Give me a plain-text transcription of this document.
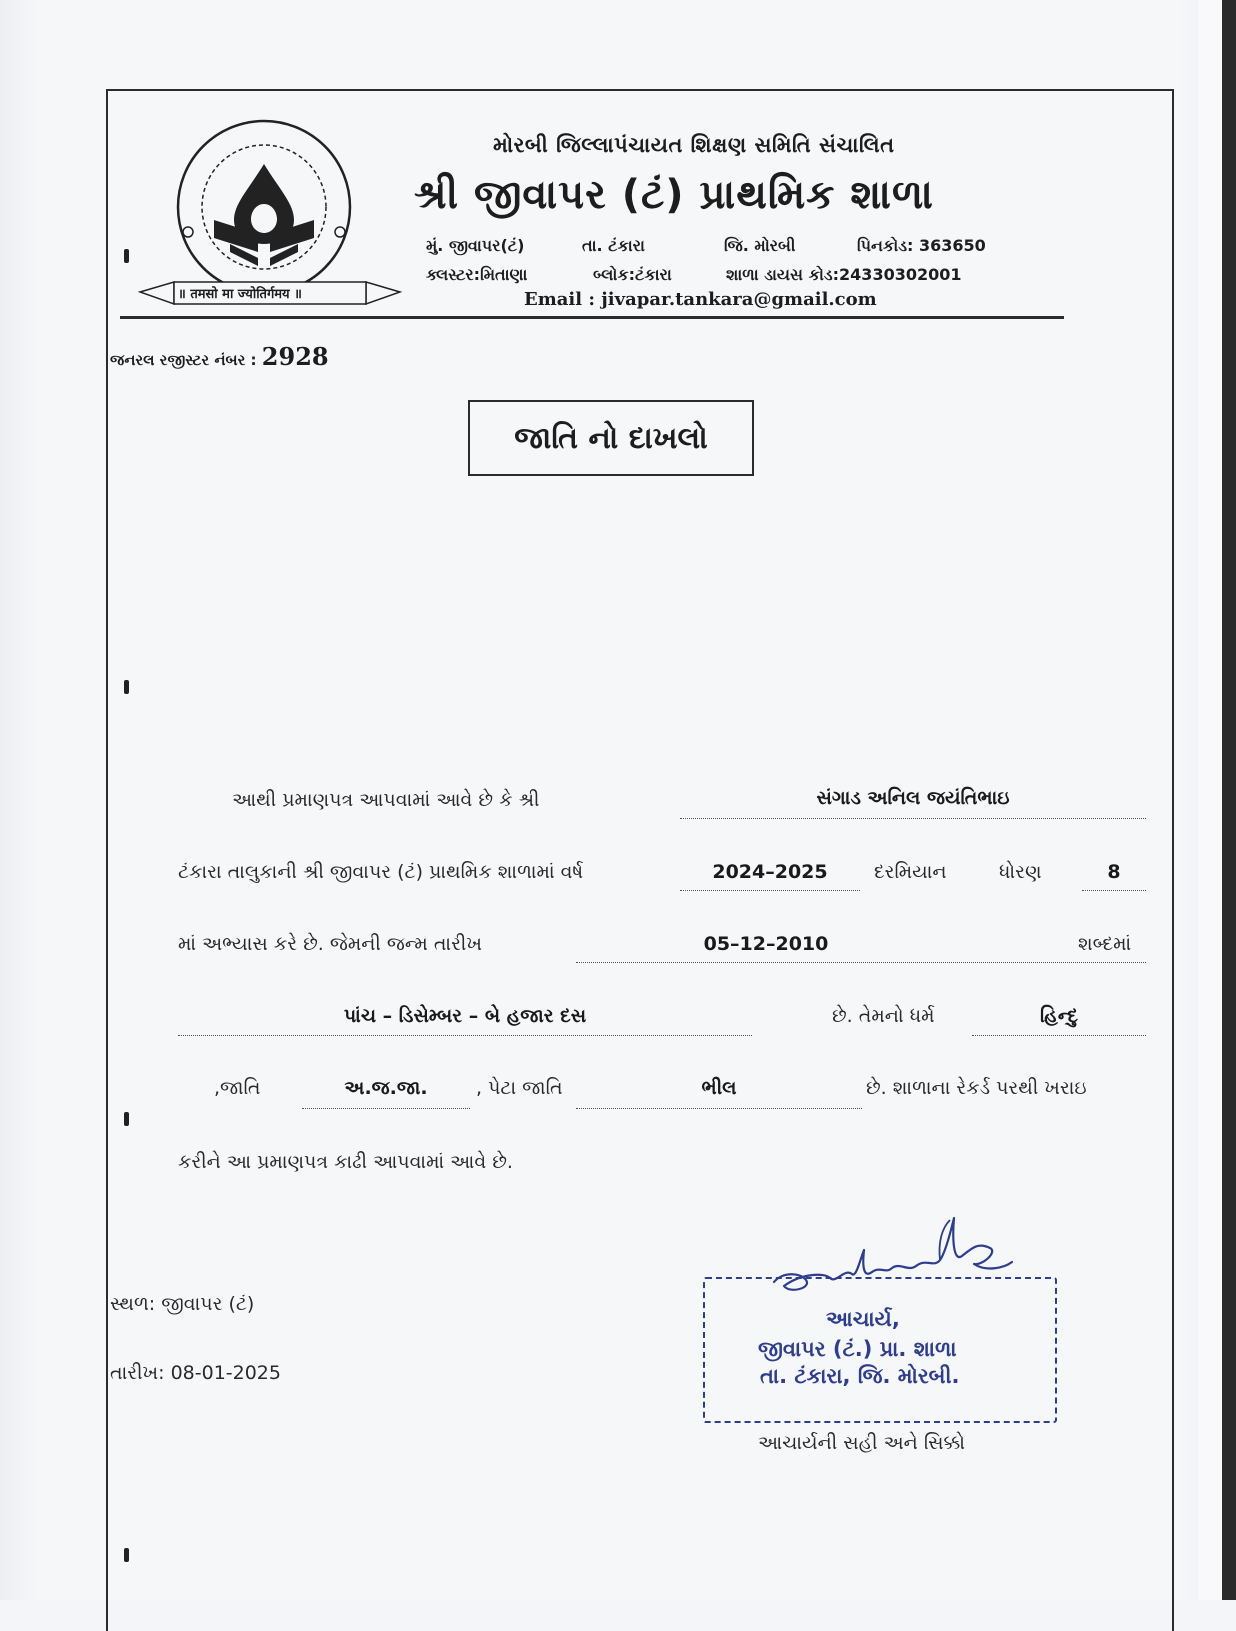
॥ तमसो मा ज्योतिर्गमय ॥
મોરબી જિલ્લાપંચાયત શિક્ષણ સમિતિ સંચાલિત
શ્રી જીવાપર (ટં) પ્રાથમિક શાળા
મું. જીવાપર(ટં)	તા. ટંકારા	જિ. મોરબી	પિનકોડ: 363650
ક્લસ્ટર:મિતાણા	બ્લોક:ટંકારા	શાળા ડાયસ કોડ:24330302001
Email : jivapar.tankara@gmail.com
જનરલ રજીસ્ટર નંબર : 2928
જાતિ નો દાખલો
આથી પ્રમાણપત્ર આપવામાં આવે છે કે શ્રી	સંગાડ અનિલ જયંતિભાઇ
ટંકારા તાલુકાની શ્રી જીવાપર (ટં) પ્રાથમિક શાળામાં વર્ષ	2024–2025	દરમિયાન	ધોરણ	8
માં અભ્યાસ કરે છે. જેમની જન્મ તારીખ	05–12–2010	શબ્દમાં
પાંચ – ડિસેમ્બર – બે હજાર દસ	છે. તેમનો ધર્મ	હિન્દુ
,જાતિ	અ.જ.જા.	, પેટા જાતિ	ભીલ	છે. શાળાના રેકર્ડ પરથી ખરાઇ
કરીને આ પ્રમાણપત્ર કાઢી આપવામાં આવે છે.
સ્થળ: જીવાપર (ટં)
તારીખ: 08-01-2025
આચાર્ય,
જીવાપર (ટં.) પ્રા. શાળા
તા. ટંકારા, જિ. મોરબી.
આચાર્યની સહી અને સિક્કો
